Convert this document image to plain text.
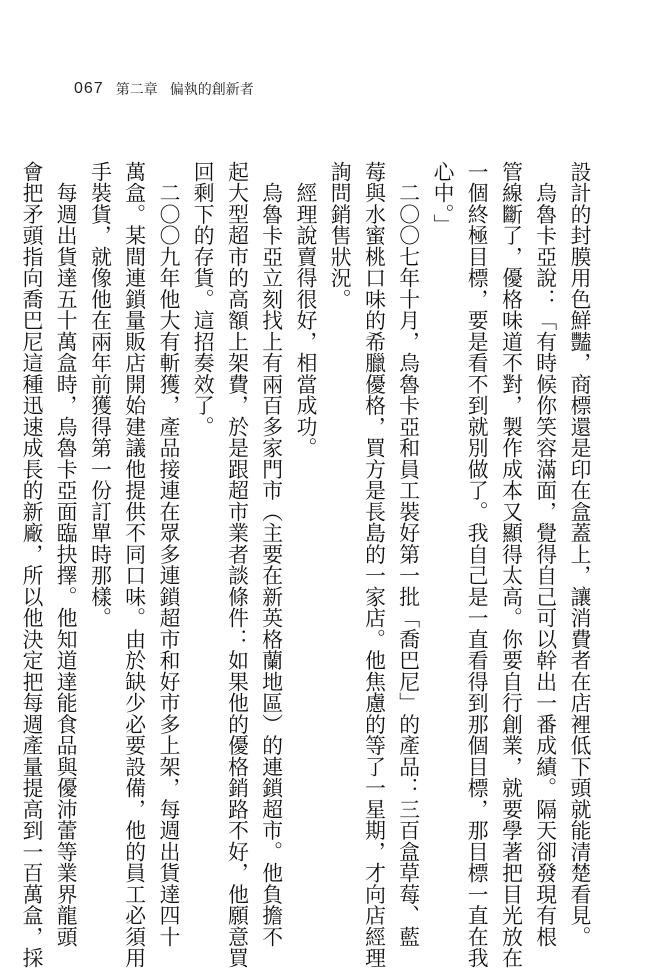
067 第二章 偏執的創新者
設計的封膜用色鮮豔，商標還是印在盒蓋上，讓消費者在店裡低下頭就能清楚看見。
　烏魯卡亞說：「有時候你笑容滿面，覺得自己可以幹出一番成績。隔天卻發現有根
管線斷了，優格味道不對，製作成本又顯得太高。你要自行創業，就要學著把目光放在
一個終極目標，要是看不到就別做了。我自己是一直看得到那個目標，那目標一直在我
心中。」
　二〇〇七年十月，烏魯卡亞和員工裝好第一批「喬巴尼」的產品：三百盒草莓、藍
莓與水蜜桃口味的希臘優格，買方是長島的一家店。他焦慮的等了一星期，才向店經理
詢問銷售狀況。
　經理說賣得很好，相當成功。
　烏魯卡亞立刻找上有兩百多家門市（主要在新英格蘭地區）的連鎖超市。他負擔不
起大型超市的高額上架費，於是跟超市業者談條件：如果他的優格銷路不好，他願意買
回剩下的存貨。這招奏效了。
　二〇〇九年他大有斬獲，產品接連在眾多連鎖超市和好市多上架，每週出貨達四十
萬盒。某間連鎖量販店開始建議他提供不同口味。由於缺少必要設備，他的員工必須用
手裝貨，就像他在兩年前獲得第一份訂單時那樣。
　每週出貨達五十萬盒時，烏魯卡亞面臨抉擇。他知道達能食品與優沛蕾等業界龍頭
會把矛頭指向喬巴尼這種迅速成長的新廠，所以他決定把每週產量提高到一百萬盒，採
